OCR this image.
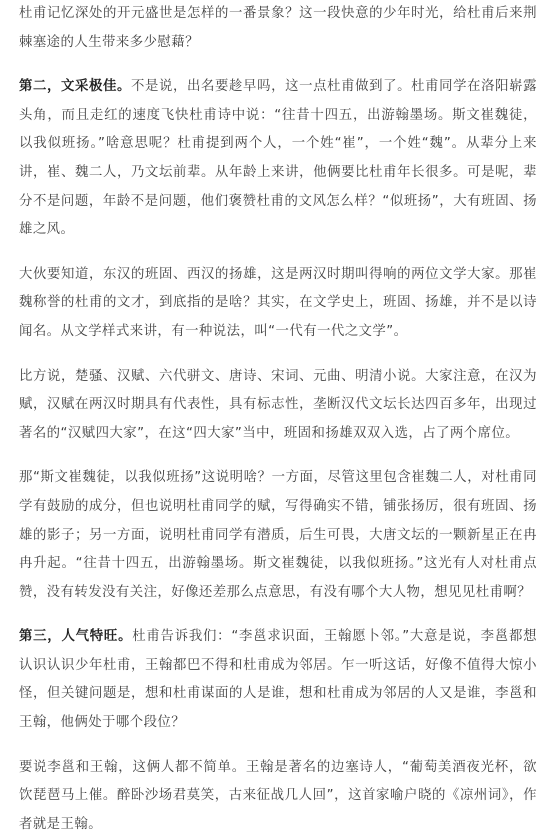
杜甫记忆深处的开元盛世是怎样的一番景象？这一段快意的少年时光，给杜甫后来荆棘塞途的人生带来多少慰藉？

第二，文采极佳。不是说，出名要趁早吗，这一点杜甫做到了。杜甫同学在洛阳崭露头角，而且走红的速度飞快杜甫诗中说：“往昔十四五，出游翰墨场。斯文崔魏徒，以我似班扬。”啥意思呢？杜甫提到两个人，一个姓“崔”，一个姓“魏”。从辈分上来讲，崔、魏二人，乃文坛前辈。从年龄上来讲，他俩要比杜甫年长很多。可是呢，辈分不是问题，年龄不是问题，他们褒赞杜甫的文风怎么样？“似班扬”，大有班固、扬雄之风。

大伙要知道，东汉的班固、西汉的扬雄，这是两汉时期叫得响的两位文学大家。那崔魏称誉的杜甫的文才，到底指的是啥？其实，在文学史上，班固、扬雄，并不是以诗闻名。从文学样式来讲，有一种说法，叫“一代有一代之文学”。

比方说，楚骚、汉赋、六代骈文、唐诗、宋词、元曲、明清小说。大家注意，在汉为赋，汉赋在两汉时期具有代表性，具有标志性，垄断汉代文坛长达四百多年，出现过著名的“汉赋四大家”，在这“四大家”当中，班固和扬雄双双入选，占了两个席位。

那“斯文崔魏徒，以我似班扬”这说明啥？一方面，尽管这里包含崔魏二人，对杜甫同学有鼓励的成分，但也说明杜甫同学的赋，写得确实不错，铺张扬厉，很有班固、扬雄的影子；另一方面，说明杜甫同学有潜质，后生可畏，大唐文坛的一颗新星正在冉冉升起。“往昔十四五，出游翰墨场。斯文崔魏徒，以我似班扬。”这光有人对杜甫点赞，没有转发没有关注，好像还差那么点意思，有没有哪个大人物，想见见杜甫啊？

第三，人气特旺。杜甫告诉我们：“李邕求识面，王翰愿卜邻。”大意是说，李邕都想认识认识少年杜甫，王翰都巴不得和杜甫成为邻居。乍一听这话，好像不值得大惊小怪，但关键问题是，想和杜甫谋面的人是谁，想和杜甫成为邻居的人又是谁，李邕和王翰，他俩处于哪个段位？

要说李邕和王翰，这俩人都不简单。王翰是著名的边塞诗人，“葡萄美酒夜光杯，欲饮琵琶马上催。醉卧沙场君莫笑，古来征战几人回”，这首家喻户晓的《凉州词》，作者就是王翰。
